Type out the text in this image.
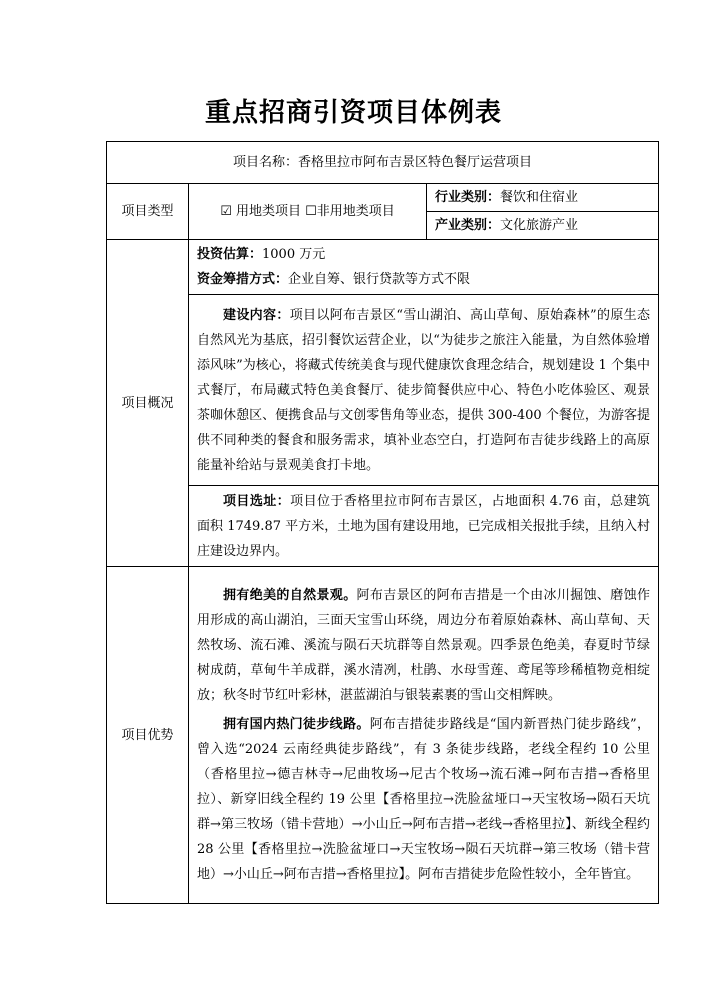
重点招商引资项目体例表
项目名称：香格里拉市阿布吉景区特色餐厅运营项目		
项目类型	☑ 用地类项目 ☐非用地类项目	行业类别：餐饮和住宿业
		产业类别：文化旅游产业
项目概况	投资估算：1000 万元

资金筹措方式：企业自筹、银行贷款等方式不限	

	建设内容：项目以阿布吉景区“雪山湖泊、高山草甸、原始森林”的原生态自然风光为基底，招引餐饮运营企业，以“为徒步之旅注入能量，为自然体验增添风味”为核心，将藏式传统美食与现代健康饮食理念结合，规划建设 1 个集中式餐厅，布局藏式特色美食餐厅、徒步简餐供应中心、特色小吃体验区、观景茶咖休憩区、便携食品与文创零售角等业态，提供 300-400 个餐位，为游客提供不同种类的餐食和服务需求，填补业态空白，打造阿布吉徒步线路上的高原能量补给站与景观美食打卡地。	

	项目选址：项目位于香格里拉市阿布吉景区，占地面积 4.76 亩，总建筑面积 1749.87 平方米，土地为国有建设用地，已完成相关报批手续，且纳入村庄建设边界内。	

项目优势	拥有绝美的自然景观。阿布吉景区的阿布吉措是一个由冰川掘蚀、磨蚀作用形成的高山湖泊，三面天宝雪山环绕，周边分布着原始森林、高山草甸、天然牧场、流石滩、溪流与陨石天坑群等自然景观。四季景色绝美，春夏时节绿树成荫，草甸牛羊成群，溪水清冽，杜鹃、水母雪莲、鸢尾等珍稀植物竞相绽放；秋冬时节红叶彩林，湛蓝湖泊与银装素裹的雪山交相辉映。

拥有国内热门徒步线路。阿布吉措徒步路线是“国内新晋热门徒步路线”，曾入选“2024 云南经典徒步路线”，有 3 条徒步线路，老线全程约 10 公里（香格里拉→德吉林寺→尼曲牧场→尼古个牧场→流石滩→阿布吉措→香格里拉）、新穿旧线全程约 19 公里【香格里拉→洗脸盆垭口→天宝牧场→陨石天坑群→第三牧场（错卡营地）→小山丘→阿布吉措→老线→香格里拉】、新线全程约 28 公里【香格里拉→洗脸盆垭口→天宝牧场→陨石天坑群→第三牧场（错卡营地）→小山丘→阿布吉措→香格里拉】。阿布吉措徒步危险性较小，全年皆宜。	
